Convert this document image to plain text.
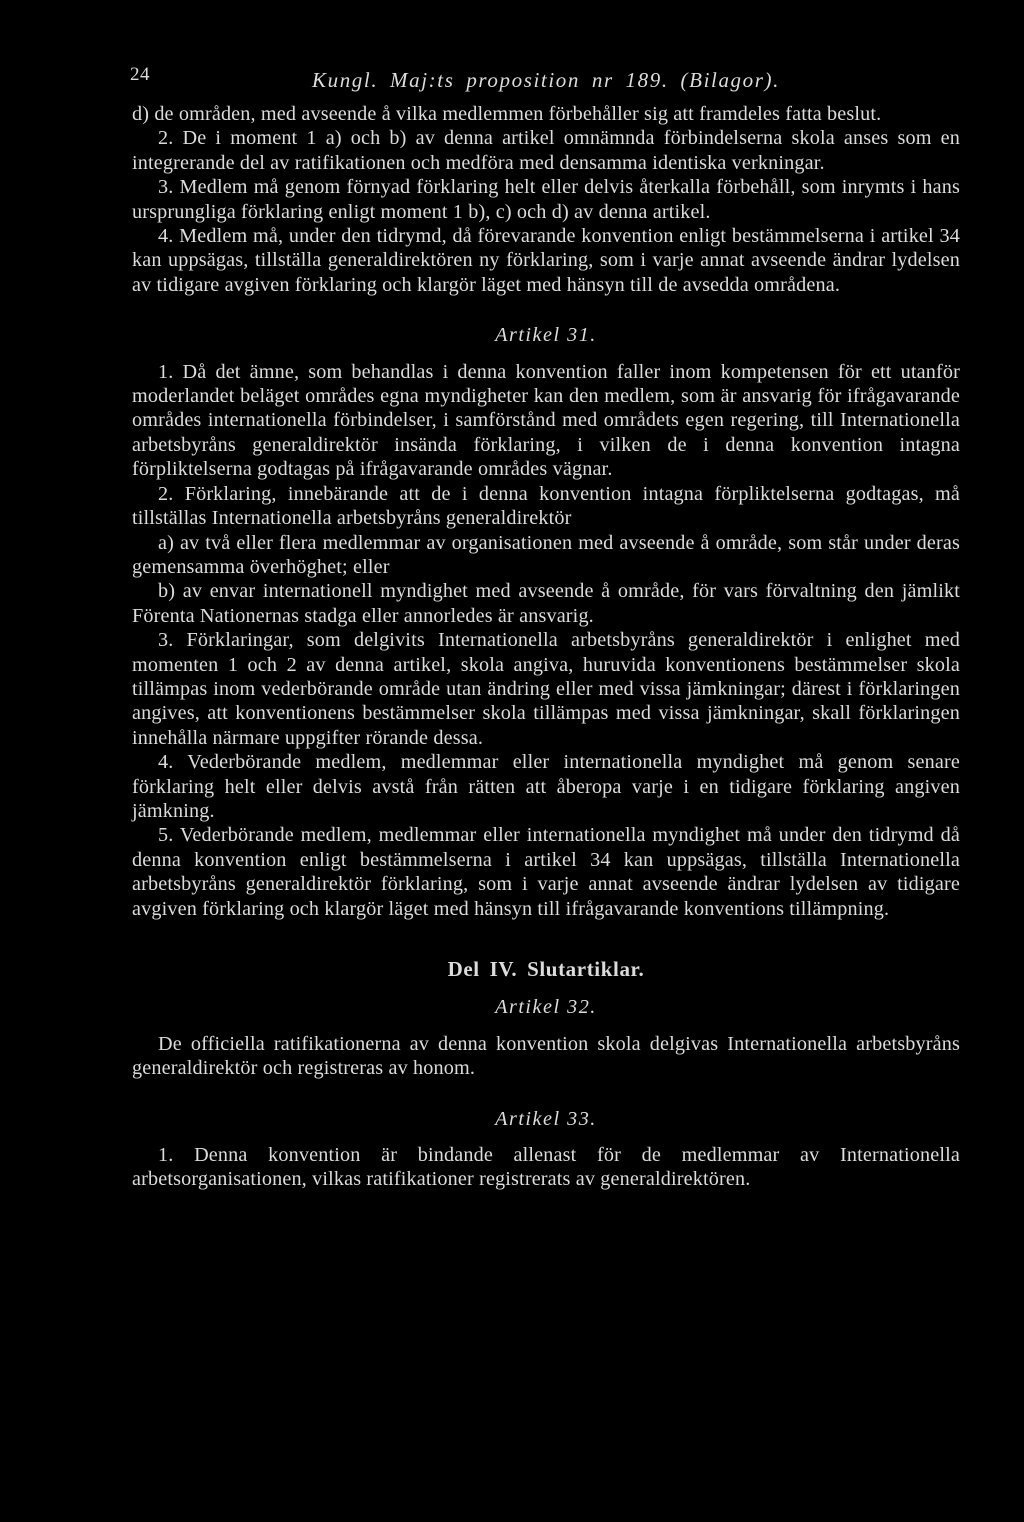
24	Kungl. Maj:ts proposition nr 189. (Bilagor).

d) de områden, med avseende å vilka medlemmen förbehåller sig att framdeles fatta beslut.

2. De i moment 1 a) och b) av denna artikel omnämnda förbindelserna skola anses som en integrerande del av ratifikationen och medföra med densamma identiska verkningar.

3. Medlem må genom förnyad förklaring helt eller delvis återkalla förbehåll, som inrymts i hans ursprungliga förklaring enligt moment 1 b), c) och d) av denna artikel.

4. Medlem må, under den tidrymd, då förevarande konvention enligt bestämmelserna i artikel 34 kan uppsägas, tillställa generaldirektören ny förklaring, som i varje annat avseende ändrar lydelsen av tidigare avgiven förklaring och klargör läget med hänsyn till de avsedda områdena.

Artikel 31.

1. Då det ämne, som behandlas i denna konvention faller inom kompetensen för ett utanför moderlandet beläget områdes egna myndigheter kan den medlem, som är ansvarig för ifrågavarande områdes internationella förbindelser, i samförstånd med områdets egen regering, till Internationella arbetsbyråns generaldirektör insända förklaring, i vilken de i denna konvention intagna förpliktelserna godtagas på ifrågavarande områdes vägnar.

2. Förklaring, innebärande att de i denna konvention intagna förpliktelserna godtagas, må tillställas Internationella arbetsbyråns generaldirektör

a) av två eller flera medlemmar av organisationen med avseende å område, som står under deras gemensamma överhöghet; eller

b) av envar internationell myndighet med avseende å område, för vars förvaltning den jämlikt Förenta Nationernas stadga eller annorledes är ansvarig.

3. Förklaringar, som delgivits Internationella arbetsbyråns generaldirektör i enlighet med momenten 1 och 2 av denna artikel, skola angiva, huruvida konventionens bestämmelser skola tillämpas inom vederbörande område utan ändring eller med vissa jämkningar; därest i förklaringen angives, att konventionens bestämmelser skola tillämpas med vissa jämkningar, skall förklaringen innehålla närmare uppgifter rörande dessa.

4. Vederbörande medlem, medlemmar eller internationella myndighet må genom senare förklaring helt eller delvis avstå från rätten att åberopa varje i en tidigare förklaring angiven jämkning.

5. Vederbörande medlem, medlemmar eller internationella myndighet må under den tidrymd då denna konvention enligt bestämmelserna i artikel 34 kan uppsägas, tillställa Internationella arbetsbyråns generaldirektör förklaring, som i varje annat avseende ändrar lydelsen av tidigare avgiven förklaring och klargör läget med hänsyn till ifrågavarande konventions tillämpning.

Del IV. Slutartiklar.
Artikel 32.

De officiella ratifikationerna av denna konvention skola delgivas Internationella arbetsbyråns generaldirektör och registreras av honom.

Artikel 33.

1. Denna konvention är bindande allenast för de medlemmar av Internationella arbetsorganisationen, vilkas ratifikationer registrerats av generaldirektören.
